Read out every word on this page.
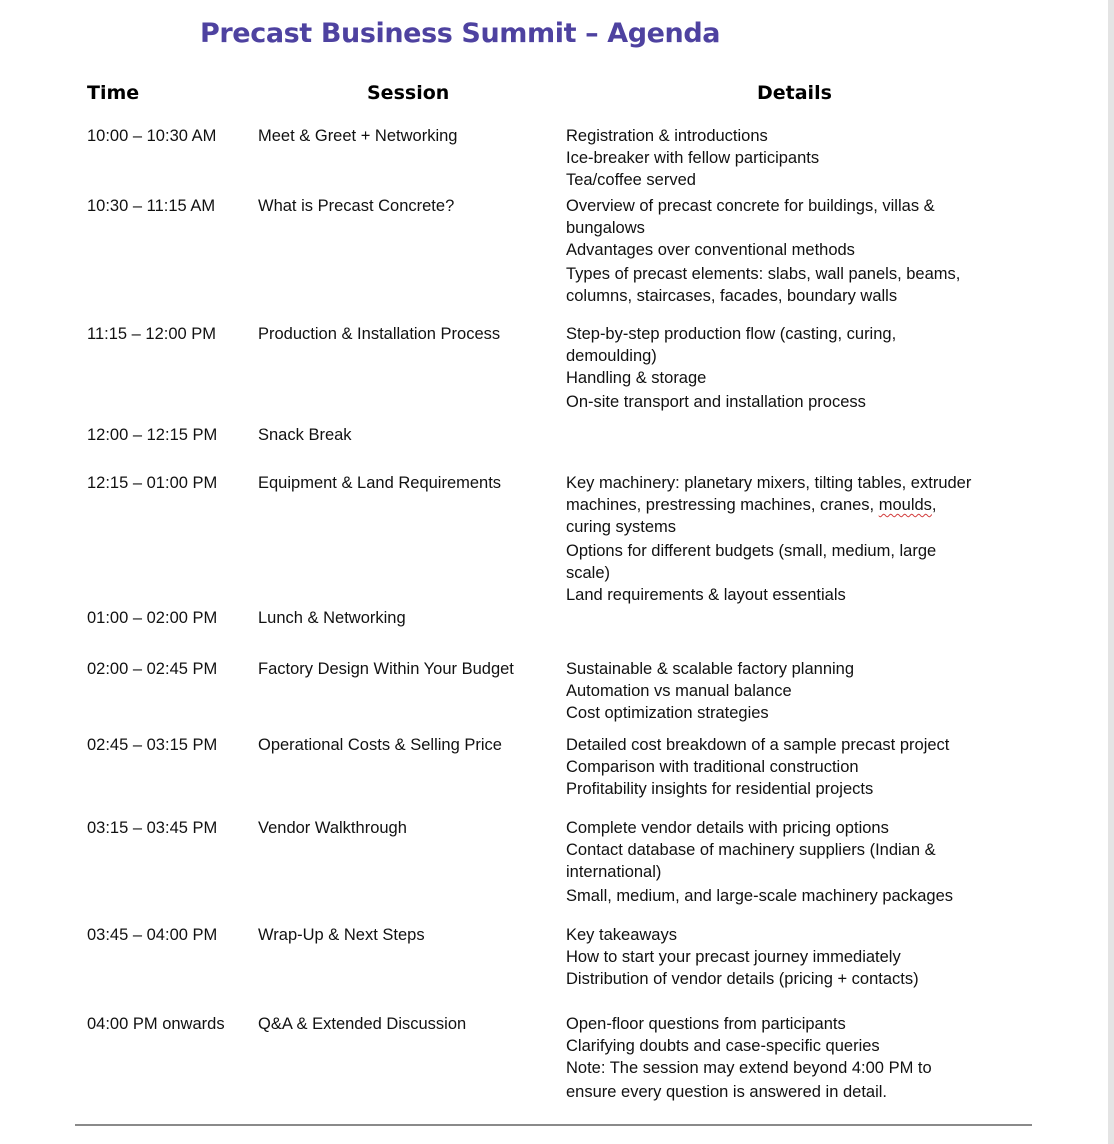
Precast Business Summit – Agenda
Time	Session	Details
10:00 – 10:30 AM	Meet & Greet + Networking	Registration & introductions
Ice-breaker with fellow participants
Tea/coffee served
10:30 – 11:15 AM	What is Precast Concrete?	Overview of precast concrete for buildings, villas &
bungalows
Advantages over conventional methods
Types of precast elements: slabs, wall panels, beams,
columns, staircases, facades, boundary walls
11:15 – 12:00 PM	Production & Installation Process	Step-by-step production flow (casting, curing,
demoulding)
Handling & storage
On-site transport and installation process
12:00 – 12:15 PM Snack Break
12:15 – 01:00 PM Equipment & Land Requirements	Key machinery: planetary mixers, tilting tables, extruder
machines, prestressing machines, cranes, moulds,
curing systems
Options for different budgets (small, medium, large
scale)
Land requirements & layout essentials
01:00 – 02:00 PM Lunch & Networking
02:00 – 02:45 PM Factory Design Within Your Budget	Sustainable & scalable factory planning
Automation vs manual balance
Cost optimization strategies
02:45 – 03:15 PM Operational Costs & Selling Price	Detailed cost breakdown of a sample precast project
Comparison with traditional construction
Profitability insights for residential projects
03:15 – 03:45 PM Vendor Walkthrough	Complete vendor details with pricing options
Contact database of machinery suppliers (Indian &
international)
Small, medium, and large-scale machinery packages
03:45 – 04:00 PM Wrap-Up & Next Steps	Key takeaways
How to start your precast journey immediately
Distribution of vendor details (pricing + contacts)
04:00 PM onwards Q&A & Extended Discussion	Open-floor questions from participants
Clarifying doubts and case-specific queries
Note: The session may extend beyond 4:00 PM to
ensure every question is answered in detail.
